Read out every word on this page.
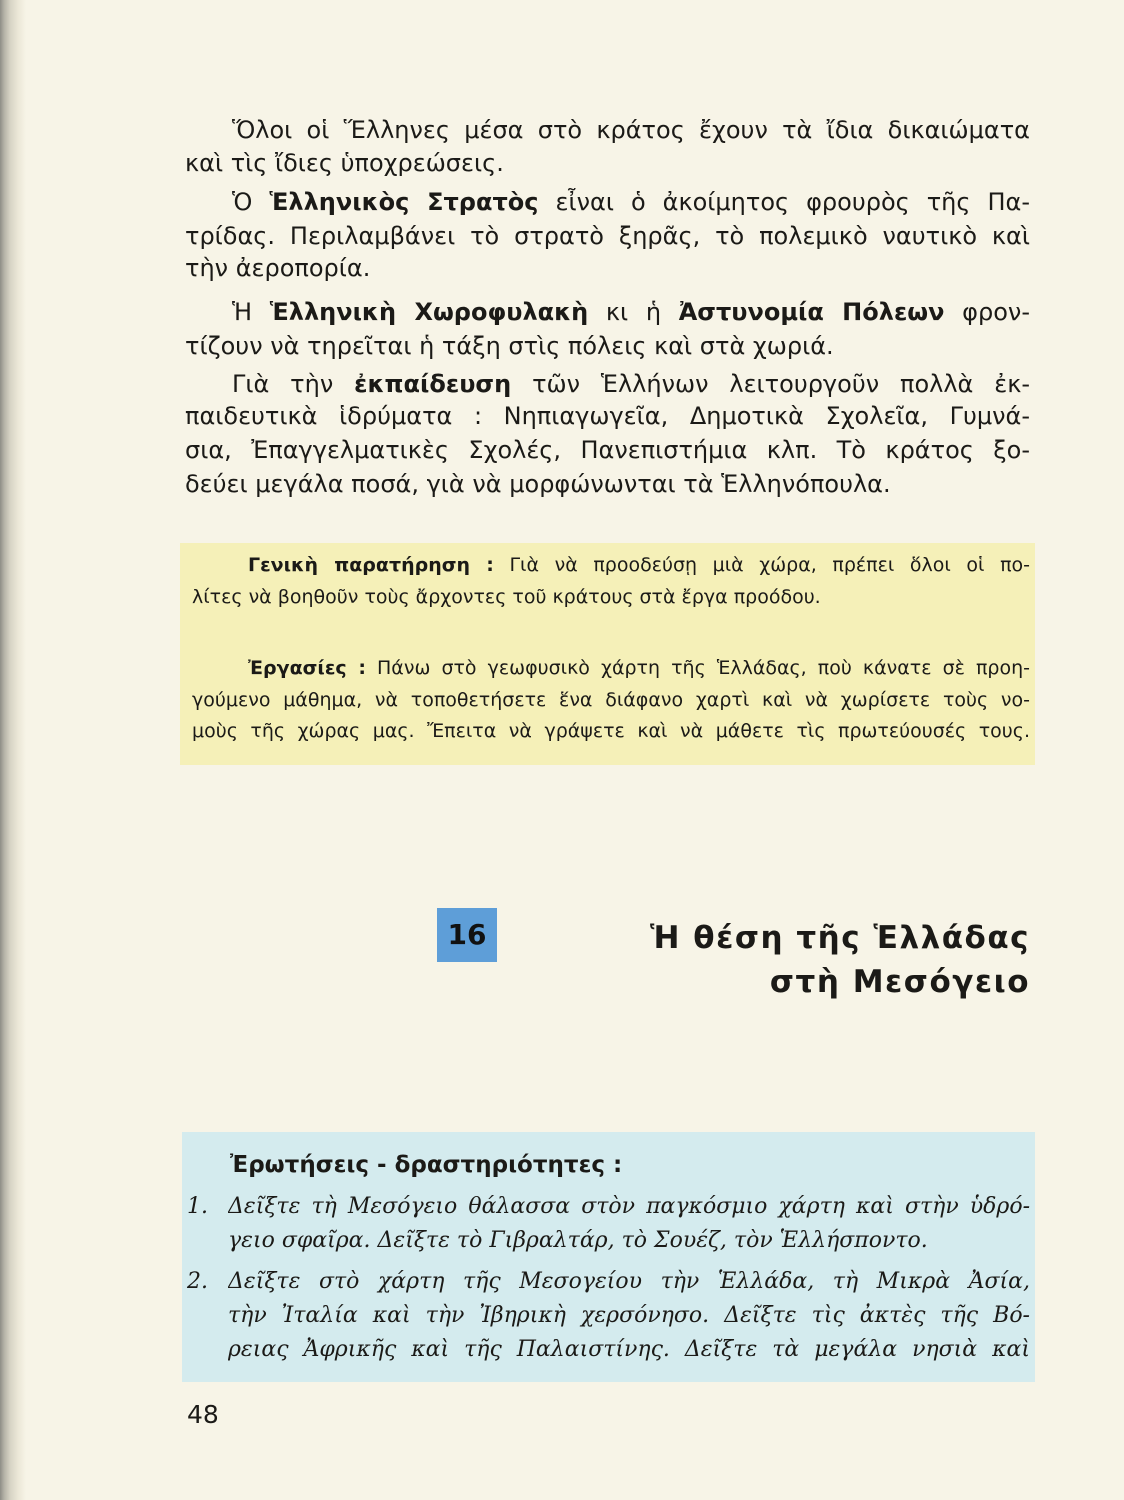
Ὅλοι οἱ Ἕλληνες μέσα στὸ κράτος ἔχουν τὰ ἴδια δικαιώματα
καὶ τὶς ἴδιες ὑποχρεώσεις.
Ὁ Ἑλληνικὸς Στρατὸς εἶναι ὁ ἀκοίμητος φρουρὸς τῆς Πα-
τρίδας. Περιλαμβάνει τὸ στρατὸ ξηρᾶς, τὸ πολεμικὸ ναυτικὸ καὶ
τὴν ἀεροπορία.
Ἡ Ἑλληνικὴ Χωροφυλακὴ κι ἡ Ἀστυνομία Πόλεων φρον-
τίζουν νὰ τηρεῖται ἡ τάξη στὶς πόλεις καὶ στὰ χωριά.
Γιὰ τὴν ἐκπαίδευση τῶν Ἑλλήνων λειτουργοῦν πολλὰ ἐκ-
παιδευτικὰ ἱδρύματα : Νηπιαγωγεῖα, Δημοτικὰ Σχολεῖα, Γυμνά-
σια, Ἐπαγγελματικὲς Σχολές, Πανεπιστήμια κλπ. Τὸ κράτος ξο-
δεύει μεγάλα ποσά, γιὰ νὰ μορφώνωνται τὰ Ἑλληνόπουλα.
Γενικὴ παρατήρηση : Γιὰ νὰ προοδεύσῃ μιὰ χώρα, πρέπει ὅλοι οἱ πο-
λίτες νὰ βοηθοῦν τοὺς ἄρχοντες τοῦ κράτους στὰ ἔργα προόδου.
Ἐργασίες : Πάνω στὸ γεωφυσικὸ χάρτη τῆς Ἑλλάδας, ποὺ κάνατε σὲ προη-
γούμενο μάθημα, νὰ τοποθετήσετε ἕνα διάφανο χαρτὶ καὶ νὰ χωρίσετε τοὺς νο-
μοὺς τῆς χώρας μας. Ἔπειτα νὰ γράψετε καὶ νὰ μάθετε τὶς πρωτεύουσές τους.
16	Ἡ θέση τῆς Ἑλλάδας
στὴ Μεσόγειο
Ἐρωτήσεις - δραστηριότητες :
1. Δεῖξτε τὴ Μεσόγειο θάλασσα στὸν παγκόσμιο χάρτη καὶ στὴν ὑδρό-
γειο σφαῖρα. Δεῖξτε τὸ Γιβραλτάρ, τὸ Σουέζ, τὸν Ἑλλήσποντο.
2. Δεῖξτε στὸ χάρτη τῆς Μεσογείου τὴν Ἑλλάδα, τὴ Μικρὰ Ἀσία,
τὴν Ἰταλία καὶ τὴν Ἰβηρικὴ χερσόνησο. Δεῖξτε τὶς ἀκτὲς τῆς Βό-
ρειας Ἀφρικῆς καὶ τῆς Παλαιστίνης. Δεῖξτε τὰ μεγάλα νησιὰ καὶ
48
